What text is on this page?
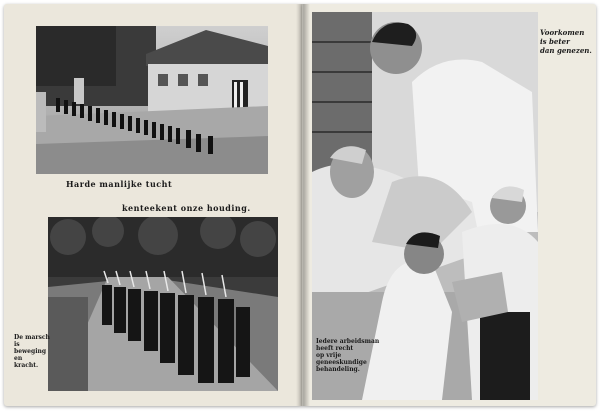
Harde manlijke tucht
kenteekent onze houding.
De marsch
is
beweging
en
kracht.
Voorkomen
is beter
dan genezen.
Iedere arbeidsman
heeft recht
op vrije
geneeskundige
behandeling.
